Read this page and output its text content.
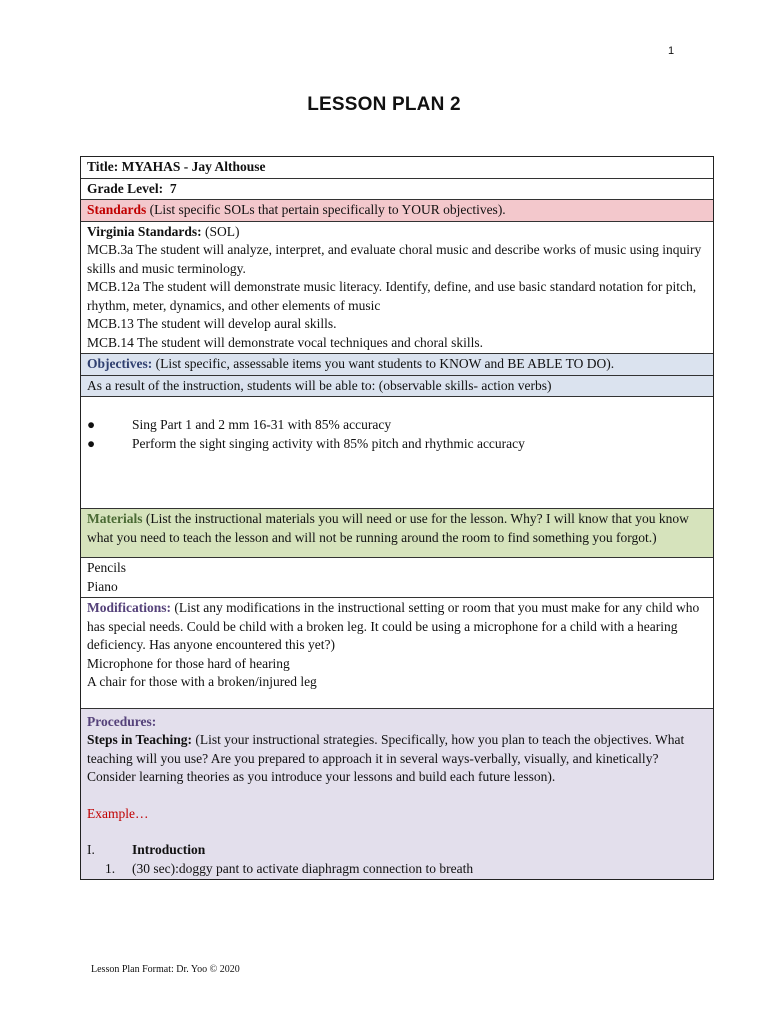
1
LESSON PLAN 2
Title: MYAHAS - Jay Althouse
Grade Level: 7
Standards (List specific SOLs that pertain specifically to YOUR objectives).
Virginia Standards: (SOL)
MCB.3a The student will analyze, interpret, and evaluate choral music and describe works of music using inquiry skills and music terminology.
MCB.12a The student will demonstrate music literacy. Identify, define, and use basic standard notation for pitch, rhythm, meter, dynamics, and other elements of music
MCB.13 The student will develop aural skills.
MCB.14 The student will demonstrate vocal techniques and choral skills.
Objectives: (List specific, assessable items you want students to KNOW and BE ABLE TO DO).
As a result of the instruction, students will be able to: (observable skills- action verbs)
●	Sing Part 1 and 2 mm 16-31 with 85% accuracy
●	Perform the sight singing activity with 85% pitch and rhythmic accuracy
Materials (List the instructional materials you will need or use for the lesson. Why? I will know that you know what you need to teach the lesson and will not be running around the room to find something you forgot.)
Pencils
Piano
Modifications: (List any modifications in the instructional setting or room that you must make for any child who has special needs. Could be child with a broken leg. It could be using a microphone for a child with a hearing deficiency. Has anyone encountered this yet?)
Microphone for those hard of hearing
A chair for those with a broken/injured leg
Procedures:
Steps in Teaching: (List your instructional strategies. Specifically, how you plan to teach the objectives. What teaching will you use? Are you prepared to approach it in several ways-verbally, visually, and kinetically? Consider learning theories as you introduce your lessons and build each future lesson).
Example…
I.	Introduction
1.	(30 sec):doggy pant to activate diaphragm connection to breath
Lesson Plan Format: Dr. Yoo © 2020
